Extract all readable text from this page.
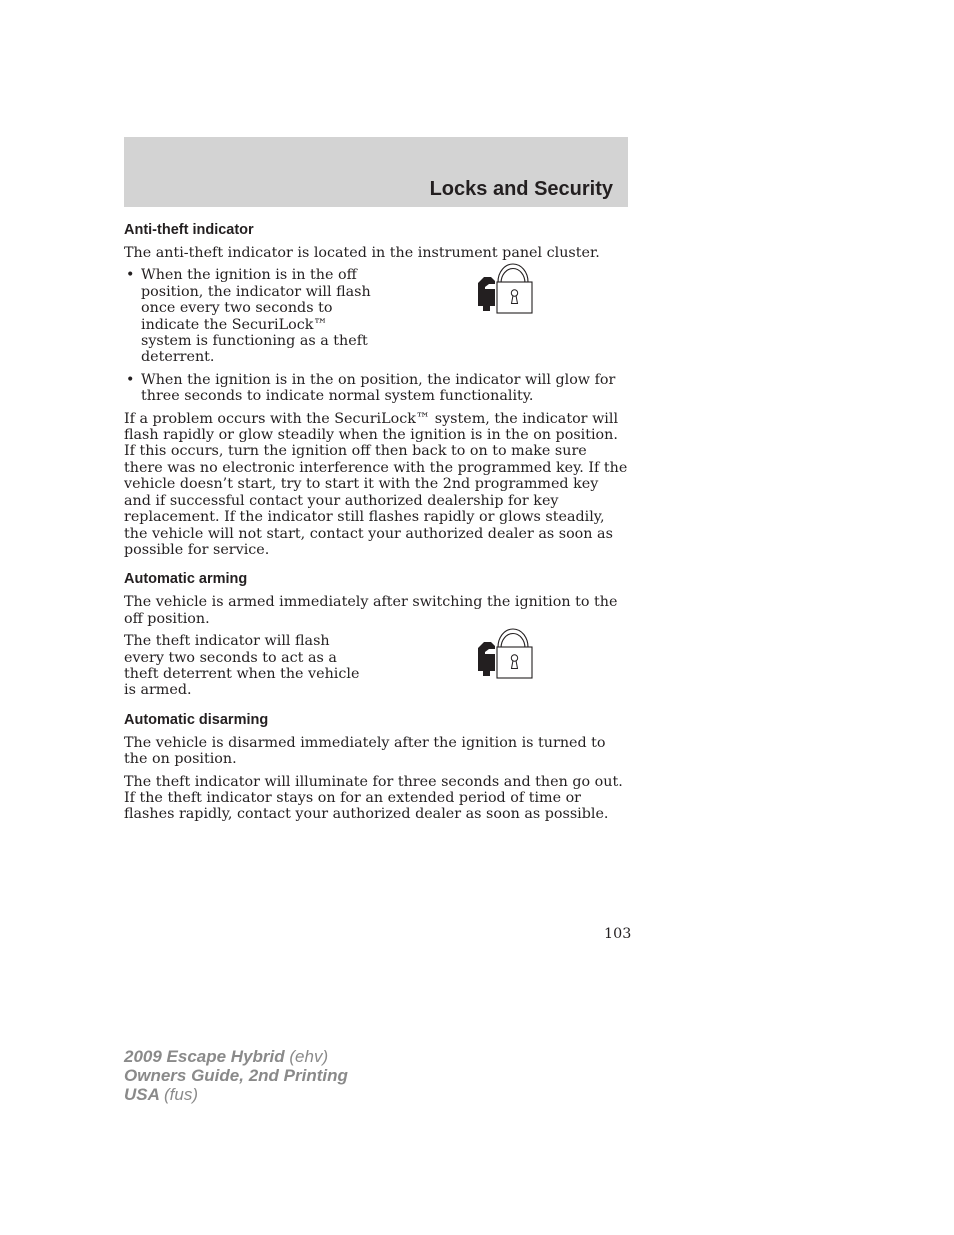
Locks and Security
Anti-theft indicator

The anti-theft indicator is located in the instrument panel cluster.

• When the ignition is in the off position, the indicator will flash once every two seconds to indicate the SecuriLock™ system is functioning as a theft deterrent.
• When the ignition is in the on position, the indicator will glow for three seconds to indicate normal system functionality.

If a problem occurs with the SecuriLock™ system, the indicator will flash rapidly or glow steadily when the ignition is in the on position. If this occurs, turn the ignition off then back to on to make sure there was no electronic interference with the programmed key. If the vehicle doesn’t start, try to start it with the 2nd programmed key and if successful contact your authorized dealership for key replacement. If the indicator still flashes rapidly or glows steadily, the vehicle will not start, contact your authorized dealer as soon as possible for service.

Automatic arming

The vehicle is armed immediately after switching the ignition to the off position.

The theft indicator will flash every two seconds to act as a theft deterrent when the vehicle is armed.

Automatic disarming

The vehicle is disarmed immediately after the ignition is turned to the on position.

The theft indicator will illuminate for three seconds and then go out. If the theft indicator stays on for an extended period of time or flashes rapidly, contact your authorized dealer as soon as possible.

103
2009 Escape Hybrid (ehv)
Owners Guide, 2nd Printing
USA (fus)
